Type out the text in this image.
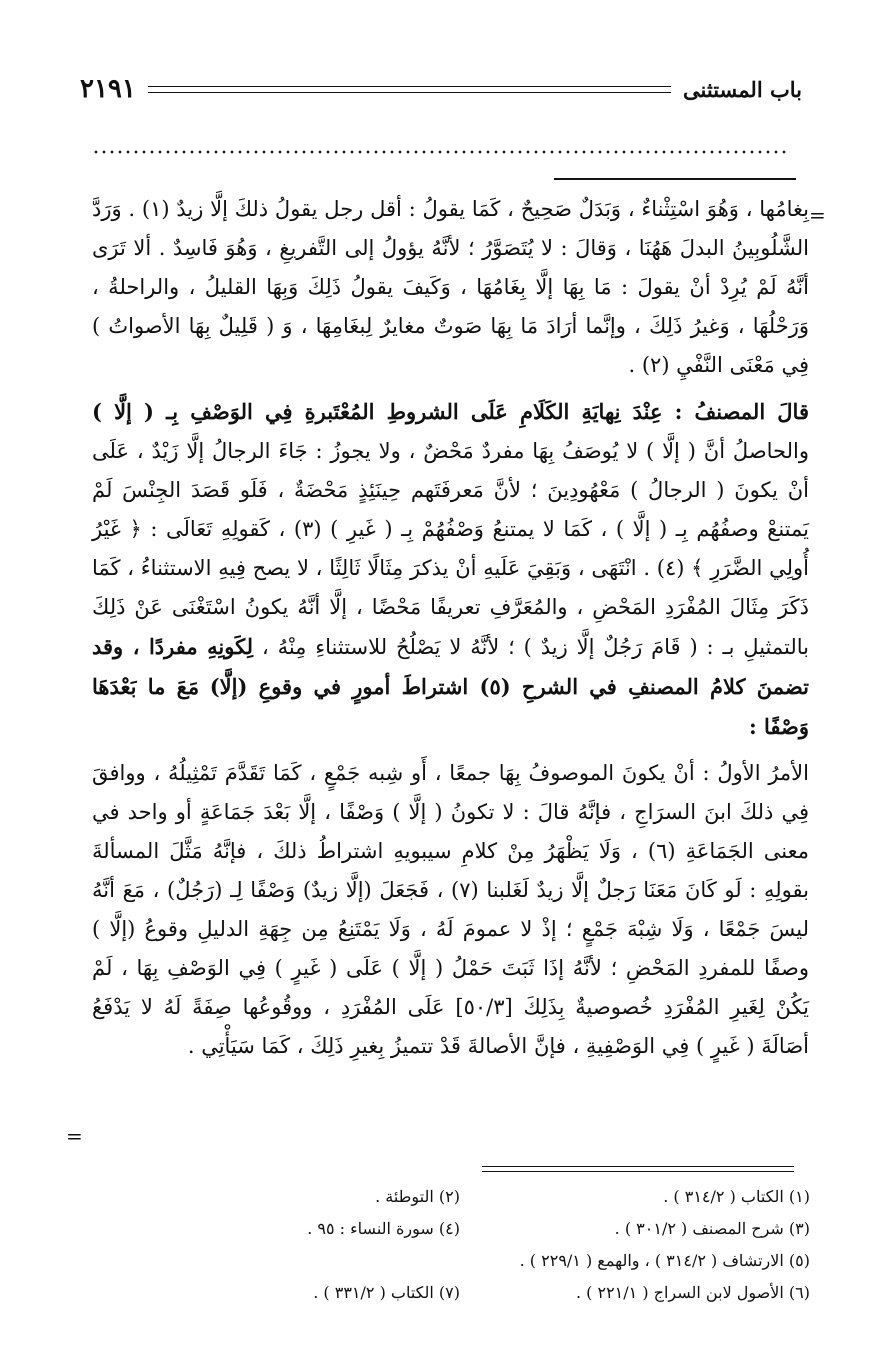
باب المستثنى
٢١٩١
=

بِغامُها ، وَهُوَ اسْتِثْناءٌ ، وَبَدَلٌ صَحِيحٌ ، كَمَا يقولُ : أقل رجل يقولُ ذلكَ إلَّا زيدٌ (١) . وَرَدَّ الشَّلُوبِينُ البدلَ هَهُنَا ، وَقالَ : لا يُتَصَوَّرُ ؛ لأنَّهُ يؤولُ إلى التَّفريغِ ، وَهُوَ فَاسِدٌ . ألا تَرَى أنَّهُ لَمْ يُرِدْ أنْ يقولَ : مَا بِهَا إلَّا بِغَامُهَا ، وَكَيفَ يقولُ ذَلِكَ وَبِهَا القليلُ ، والراحلةُ ، وَرَحْلُهَا ، وَغيرُ ذَلِكَ ، وإنَّما أرَادَ مَا بِهَا صَوتٌ مغايرٌ لِبغَامِهَا ، وَ ( قَلِيلٌ بِهَا الأصواتُ ) فِي مَعْنَى النَّفْيِ (٢) .

قالَ المصنفُ : عِنْدَ نِهايَةِ الكَلَامِ عَلَى الشروطِ المُعْتَبرةِ فِي الوَصْفِ بِـ ( إلَّا ) والحاصلُ أنَّ ( إلَّا ) لا يُوصَفُ بِهَا مفردٌ مَحْضٌ ، ولا يجوزُ : جَاءَ الرجالُ إلَّا زَيْدٌ ، عَلَى أنْ يكونَ ( الرجالُ ) مَعْهُودِينَ ؛ لأنَّ مَعرفَتَهم حِينَئِذٍ مَحْضَةٌ ، فَلَو قَصَدَ الجِنْسَ لَمْ يَمتنعْ وصفُهُم بِـ ( إلَّا ) ، كَمَا لا يمتنعُ وَصْفُهُمْ بِـ ( غَيرِ ) (٣) ، كَقولِهِ تَعَالَى : ﴿ غَيْرُ أُولِي الضَّرَرِ ﴾ (٤) . انْتَهَى ، وَبَقِيَ عَلَيهِ أنْ يذكرَ مِثَالًا ثَالِثًا ، لا يصح فِيهِ الاستثناءُ ، كَمَا ذَكَرَ مِثَالَ المُفْرَدِ المَحْضِ ، والمُعَرَّفِ تعريفًا مَحْضًا ، إلَّا أنَّهُ يكونُ اسْتَغْنَى عَنْ ذَلِكَ بالتمثيلِ بـ : ( قَامَ رَجُلٌ إلَّا زيدٌ ) ؛ لأنَّهُ لا يَصْلُحُ للاستثناءِ مِنْهُ ، لِكَونِهِ مفردًا ، وقد تضمنَ كلامُ المصنفِ في الشرحِ (٥) اشتراطَ أمورٍ في وقوعِ (إلَّا) مَعَ ما بَعْدَهَا وَصْفًا :

الأمرُ الأولُ : أنْ يكونَ الموصوفُ بِهَا جمعًا ، أَو شِبه جَمْعٍ ، كَمَا تَقَدَّمَ تَمْثِيلُهُ ، ووافقَ فِي ذلكَ ابنَ السرَاجِ ، فإنَّهُ قالَ : لا تكونُ ( إلَّا ) وَصْفًا ، إلَّا بَعْدَ جَمَاعَةٍ أو واحد في معنى الجَمَاعَةِ (٦) ، وَلَا يَظْهَرُ مِنْ كلامِ سيبويهِ اشتراطُ ذلكَ ، فإنَّهُ مَثَّلَ المسألةَ بقولِهِ : لَو كَانَ مَعَنَا رَجلٌ إلَّا زيدٌ لَغَلبنا (٧) ، فَجَعَلَ (إلَّا زيدٌ) وَصْفًا لِـ (رَجُلٌ) ، مَعَ أنَّهُ ليسَ جَمْعًا ، وَلَا شِبْهَ جَمْعٍ ؛ إذْ لا عمومَ لَهُ ، وَلَا يَمْتَنِعُ مِن جِهَةِ الدليلِ وقوعُ (إلَّا ) وصفًا للمفردِ المَحْضِ ؛ لأنَّهُ إذَا ثَبَتَ حَمْلُ ( إلَّا ) عَلَى ( غَيرٍ ) فِي الوَصْفِ بِهَا ، لَمْ يَكُنْ لِغَيرِ المُفْرَدِ خُصوصيةٌ بِذَلِكَ [٥٠/٣] عَلَى المُفْرَدِ ، ووقُوعُها صِفَةً لَهُ لا يَدْفَعُ أصَالَةَ ( غَيرٍ ) فِي الوَصْفِيةِ ، فإنَّ الأصالةَ قَدْ تتميزُ بِغيرِ ذَلِكَ ، كَمَا سَيَأْتِي .

=
(١) الكتاب ( ٣١٤/٢ ) .
(٢) التوطئة .
(٣) شرح المصنف ( ٣٠١/٢ ) .
(٤) سورة النساء : ٩٥ .
(٥) الارتشاف ( ٣١٤/٢ ) ، والهمع ( ٢٢٩/١ ) .
(٦) الأصول لابن السراج ( ٢٢١/١ ) .
(٧) الكتاب ( ٣٣١/٢ ) .
